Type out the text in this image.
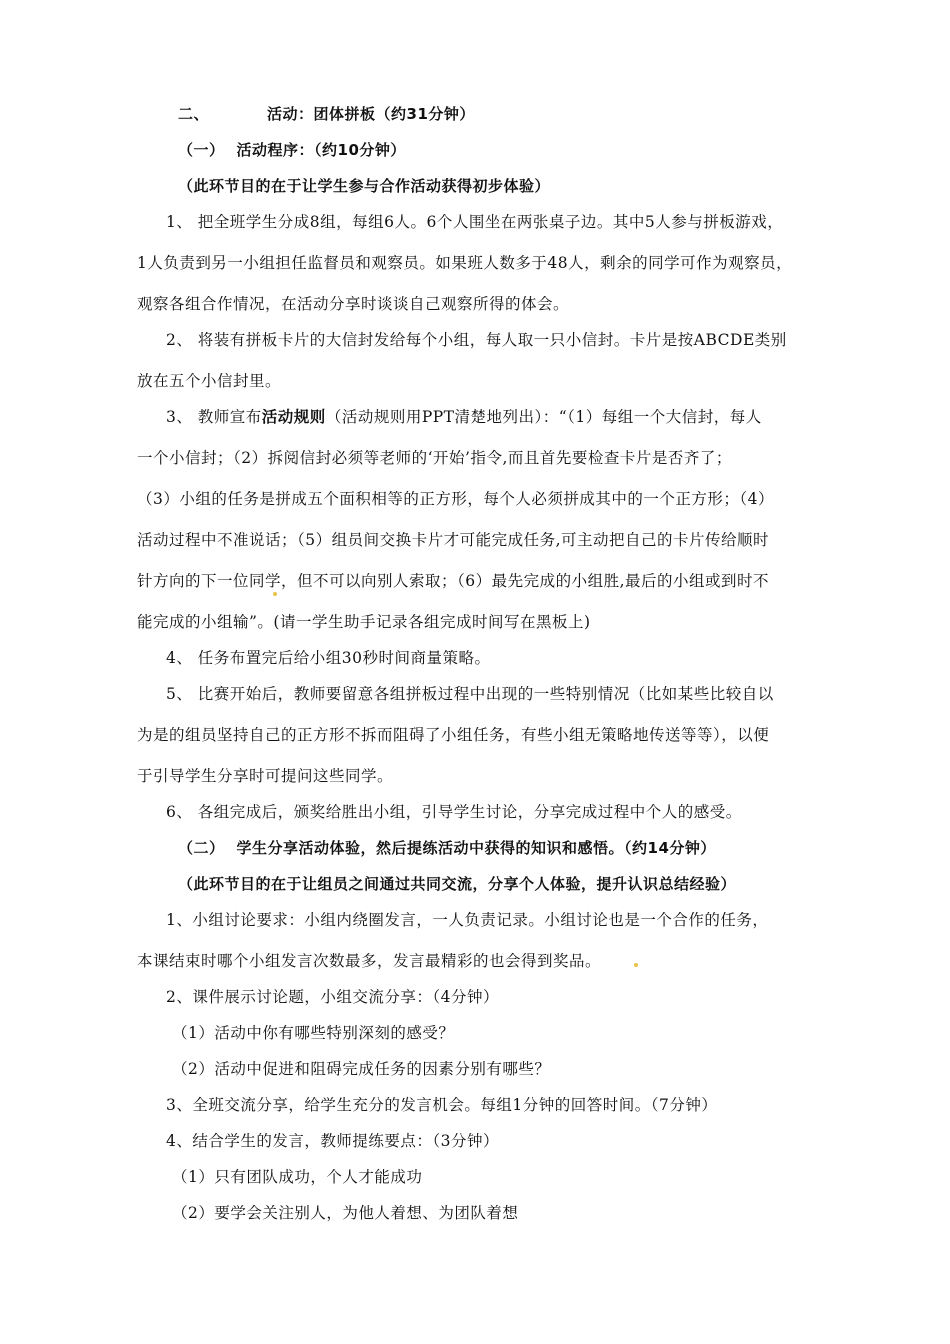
二、	活动：团体拼板（约31分钟）
（一） 活动程序：（约10分钟）
（此环节目的在于让学生参与合作活动获得初步体验）
1、 把全班学生分成8组，每组6人。6个人围坐在两张桌子边。其中5人参与拼板游戏，
1人负责到另一小组担任监督员和观察员。如果班人数多于48人，剩余的同学可作为观察员，
观察各组合作情况，在活动分享时谈谈自己观察所得的体会。
2、 将装有拼板卡片的大信封发给每个小组，每人取一只小信封。卡片是按ABCDE类别
放在五个小信封里。
3、 教师宣布活动规则（活动规则用PPT清楚地列出）：“（1）每组一个大信封，每人
一个小信封；（2）拆阅信封必须等老师的‘开始’指令,而且首先要检查卡片是否齐了；
（3）小组的任务是拼成五个面积相等的正方形，每个人必须拼成其中的一个正方形；（4）
活动过程中不准说话；（5）组员间交换卡片才可能完成任务,可主动把自己的卡片传给顺时
针方向的下一位同学，但不可以向别人索取；（6）最先完成的小组胜,最后的小组或到时不
能完成的小组输”。(请一学生助手记录各组完成时间写在黑板上)
4、 任务布置完后给小组30秒时间商量策略。
5、 比赛开始后，教师要留意各组拼板过程中出现的一些特别情况（比如某些比较自以
为是的组员坚持自己的正方形不拆而阻碍了小组任务，有些小组无策略地传送等等），以便
于引导学生分享时可提问这些同学。
6、 各组完成后，颁奖给胜出小组，引导学生讨论，分享完成过程中个人的感受。
（二） 学生分享活动体验，然后提练活动中获得的知识和感悟。（约14分钟）
（此环节目的在于让组员之间通过共同交流，分享个人体验，提升认识总结经验）
1、小组讨论要求：小组内绕圈发言，一人负责记录。小组讨论也是一个合作的任务，
本课结束时哪个小组发言次数最多，发言最精彩的也会得到奖品。
2、课件展示讨论题，小组交流分享：（4分钟）
（1）活动中你有哪些特别深刻的感受？
（2）活动中促进和阻碍完成任务的因素分别有哪些？
3、全班交流分享，给学生充分的发言机会。每组1分钟的回答时间。（7分钟）
4、结合学生的发言，教师提练要点：（3分钟）
（1）只有团队成功，个人才能成功
（2）要学会关注别人，为他人着想、为团队着想
